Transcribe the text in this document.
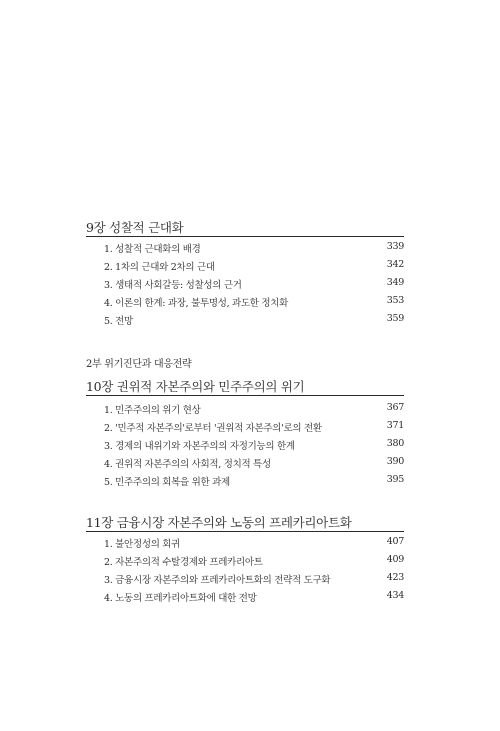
9장 성찰적 근대화
1. 성찰적 근대화의 배경	339
2. 1차의 근대와 2차의 근대	342
3. 생태적 사회갈등: 성찰성의 근거	349
4. 이론의 한계: 과장, 불투명성, 과도한 정치화	353
5. 전망	359
2부 위기진단과 대응전략
10장 권위적 자본주의와 민주주의의 위기
1. 민주주의의 위기 현상	367
2. '민주적 자본주의'로부터 '권위적 자본주의'로의 전환	371
3. 경제의 내위기와 자본주의의 자정기능의 한계	380
4. 권위적 자본주의의 사회적, 정치적 특성	390
5. 민주주의의 회복을 위한 과제	395
11장 금융시장 자본주의와 노동의 프레카리아트화
1. 불안정성의 회귀	407
2. 자본주의적 수탈경제와 프레카리아트	409
3. 금융시장 자본주의와 프레카리아트화의 전략적 도구화	423
4. 노동의 프레카리아트화에 대한 전망	434
